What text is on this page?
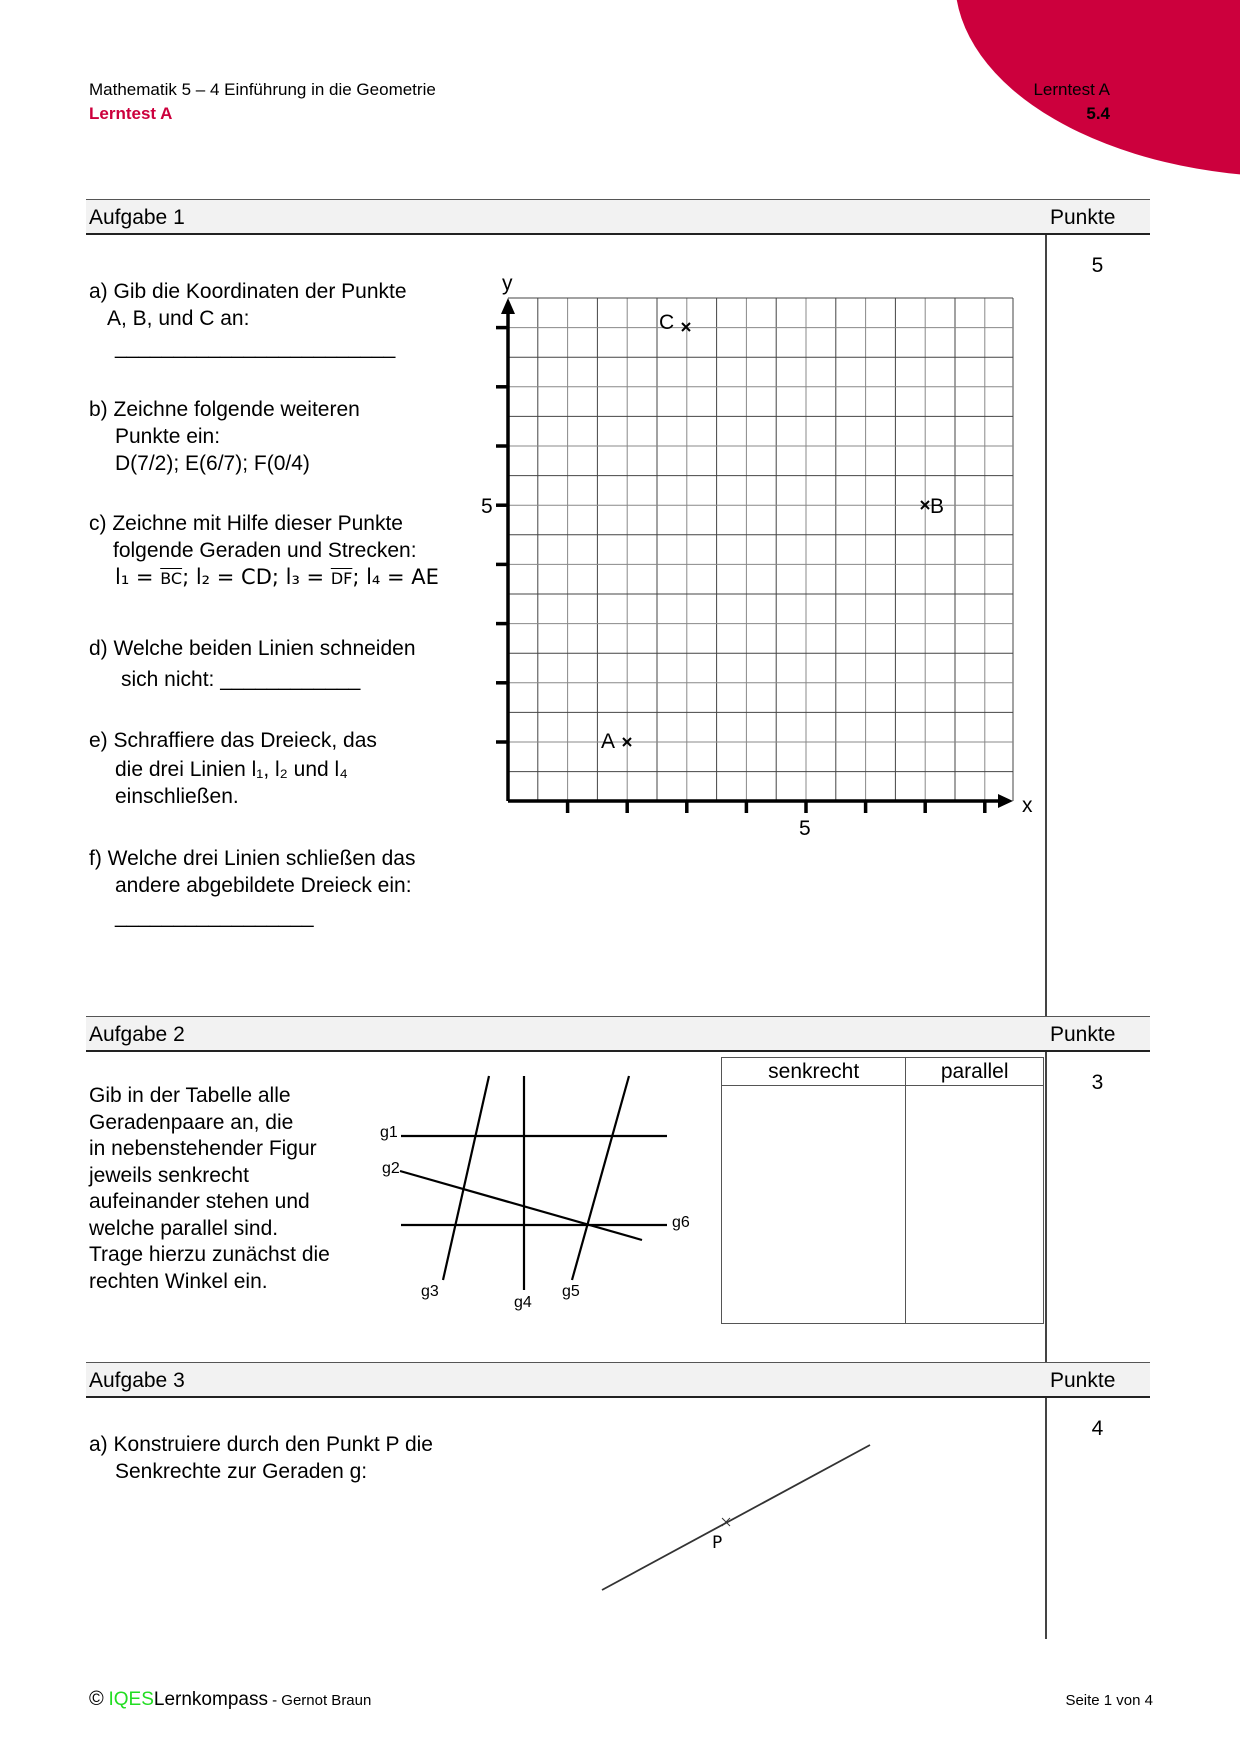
Mathematik 5 – 4 Einführung in die Geometrie
Lerntest A
Lerntest A
5.4
Aufgabe 1	Punkte
5
a) Gib die Koordinaten der Punkte
A, B, und C an:
________________________
b) Zeichne folgende weiteren
Punkte ein:
D(7/2); E(6/7); F(0/4)
c) Zeichne mit Hilfe dieser Punkte
folgende Geraden und Strecken:
$l_1 = \overline{BC}$; l₂ = CD; $l_3 = \overline{DF}$; l₄ = AE
d) Welche beiden Linien schneiden
sich nicht: ____________
e) Schraffiere das Dreieck, das
die drei Linien l₁, l₂ und l₄
einschließen.
f) Welche drei Linien schließen das
andere abgebildete Dreieck ein:
_________________
x
y
5
5
A
B
C
Aufgabe 2	Punkte
3
Gib in der Tabelle alle
Geradenpaare an, die
in nebenstehender Figur
jeweils senkrecht
aufeinander stehen und
welche parallel sind.
Trage hierzu zunächst die
rechten Winkel ein.
g1
g2
g3
g4
g5
g6
senkrecht	parallel

Aufgabe 3	Punkte
4
a) Konstruiere durch den Punkt P die
Senkrechte zur Geraden g:
P
© IQESLernkompass - Gernot Braun	Seite 1 von 4
